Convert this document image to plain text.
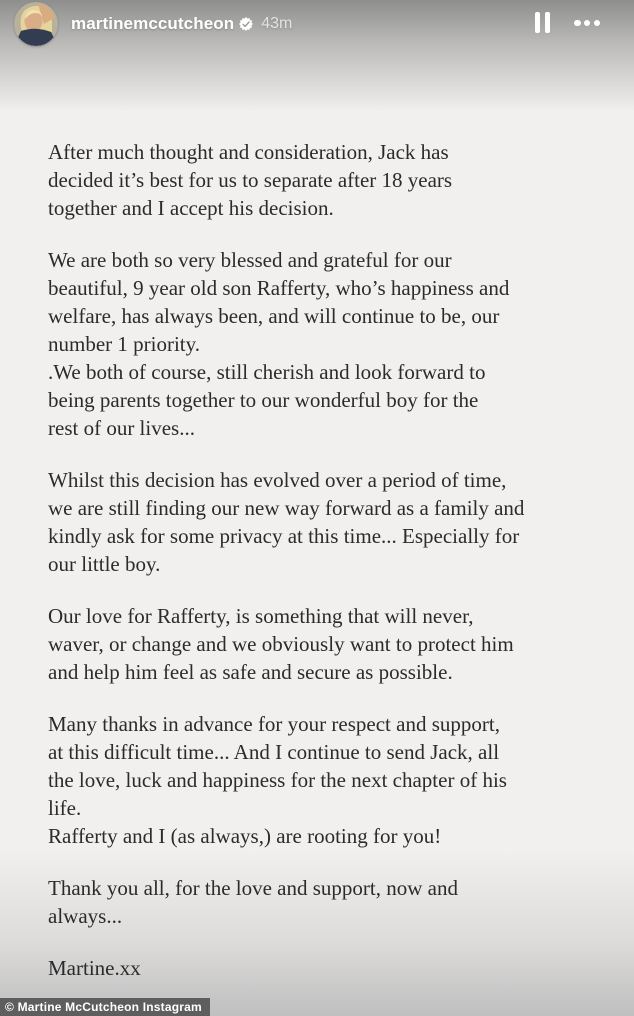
martinemccutcheon 43m
After much thought and consideration, Jack has
decided it’s best for us to separate after 18 years
together and I accept his decision.
We are both so very blessed and grateful for our
beautiful, 9 year old son Rafferty, who’s happiness and
welfare, has always been, and will continue to be, our
number 1 priority.
.We both of course, still cherish and look forward to
being parents together to our wonderful boy for the
rest of our lives...
Whilst this decision has evolved over a period of time,
we are still finding our new way forward as a family and
kindly ask for some privacy at this time... Especially for
our little boy.
Our love for Rafferty, is something that will never,
waver, or change and we obviously want to protect him
and help him feel as safe and secure as possible.
Many thanks in advance for your respect and support,
at this difficult time... And I continue to send Jack, all
the love, luck and happiness for the next chapter of his
life.
Rafferty and I (as always,) are rooting for you!
Thank you all, for the love and support, now and
always...
Martine.xx
© Martine McCutcheon Instagram
